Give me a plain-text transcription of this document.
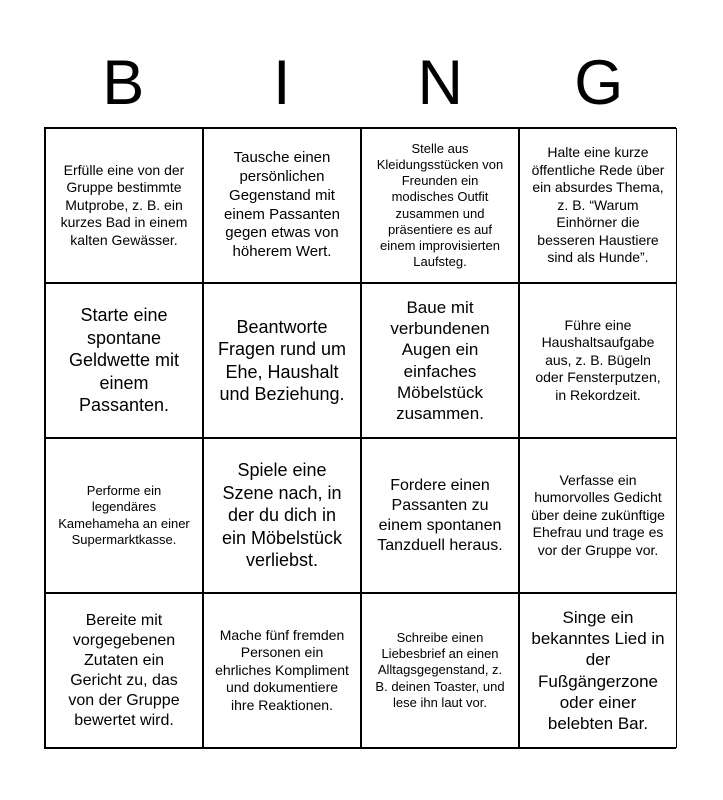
B	I	N	G
Erfülle eine von der Gruppe bestimmte Mutprobe, z. B. ein kurzes Bad in einem kalten Gewässer.
Tausche einen persönlichen Gegenstand mit einem Passanten gegen etwas von höherem Wert.
Stelle aus Kleidungsstücken von Freunden ein modisches Outfit zusammen und präsentiere es auf einem improvisierten Laufsteg.
Halte eine kurze öffentliche Rede über ein absurdes Thema, z. B. “Warum Einhörner die besseren Haustiere sind als Hunde”.
Starte eine spontane Geldwette mit einem Passanten.
Beantworte Fragen rund um Ehe, Haushalt und Beziehung.
Baue mit verbundenen Augen ein einfaches Möbelstück zusammen.
Führe eine Haushaltsaufgabe aus, z. B. Bügeln oder Fensterputzen, in Rekordzeit.
Performe ein legendäres Kamehameha an einer Supermarktkasse.
Spiele eine Szene nach, in der du dich in ein Möbelstück verliebst.
Fordere einen Passanten zu einem spontanen Tanzduell heraus.
Verfasse ein humorvolles Gedicht über deine zukünftige Ehefrau und trage es vor der Gruppe vor.
Bereite mit vorgegebenen Zutaten ein Gericht zu, das von der Gruppe bewertet wird.
Mache fünf fremden Personen ein ehrliches Kompliment und dokumentiere ihre Reaktionen.
Schreibe einen Liebesbrief an einen Alltagsgegenstand, z. B. deinen Toaster, und lese ihn laut vor.
Singe ein bekanntes Lied in der Fußgängerzone oder einer belebten Bar.
